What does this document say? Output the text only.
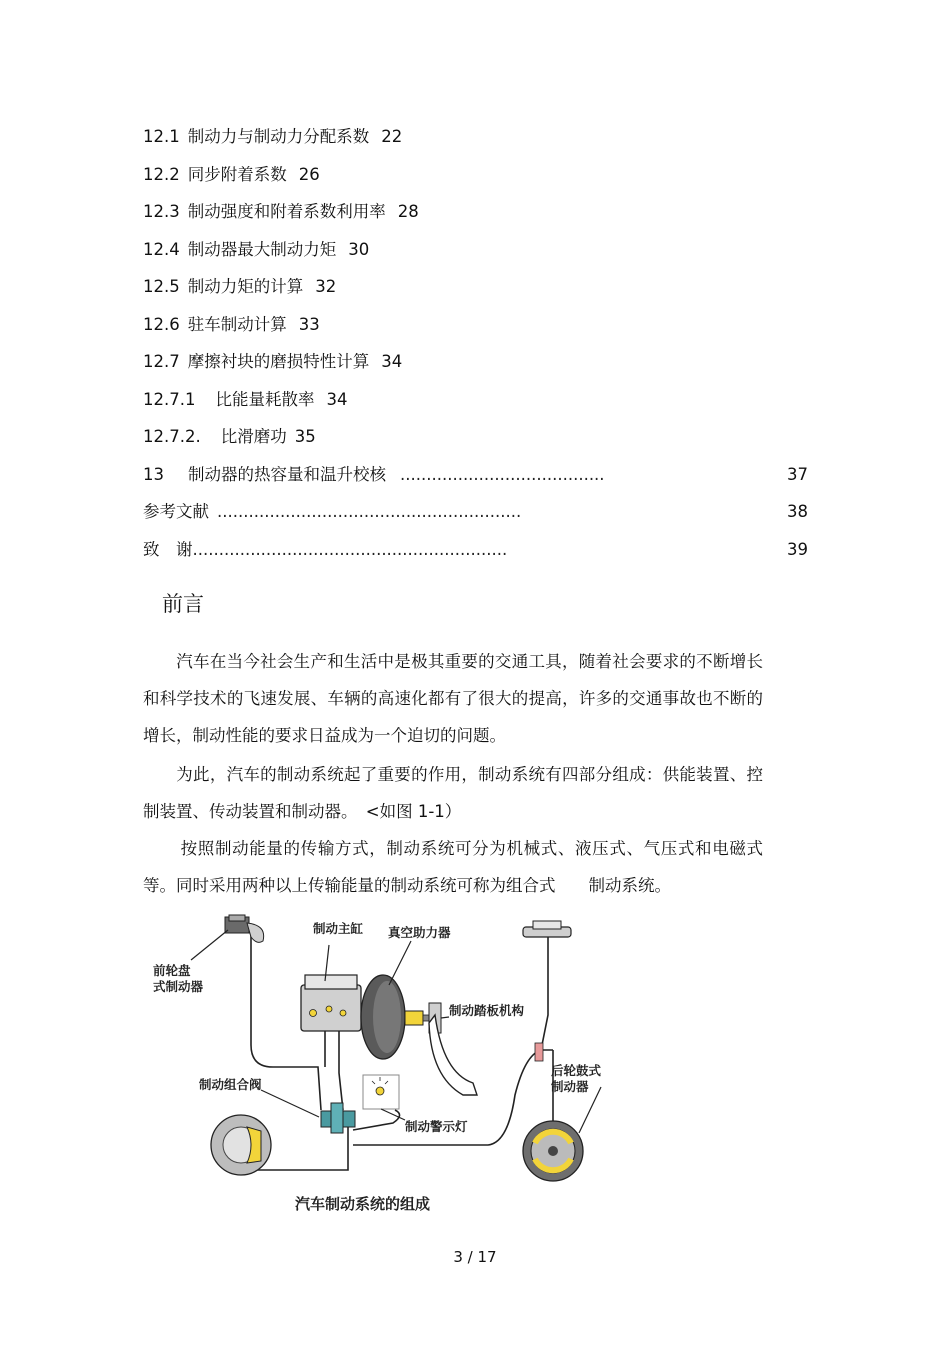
12.1 制动力与制动力分配系数 22
12.2 同步附着系数 26
12.3 制动强度和附着系数利用率 28
12.4 制动器最大制动力矩 30
12.5 制动力矩的计算 32
12.6 驻车制动计算 33
12.7 摩擦衬块的磨损特性计算 34
12.7.1 比能量耗散率 34
12.7.2. 比滑磨功 35
13 制动器的热容量和温升校核 .......................................	37
参考文献 ..........................................................	38
致　谢............................................................	39
前言
汽车在当今社会生产和生活中是极其重要的交通工具，随着社会要求的不断增长和科学技术的飞速发展、车辆的高速化都有了很大的提高，许多的交通事故也不断的增长，制动性能的要求日益成为一个迫切的问题。
为此，汽车的制动系统起了重要的作用，制动系统有四部分组成：供能装置、控制装置、传动装置和制动器。　<如图 1-1）
按照制动能量的传输方式，制动系统可分为机械式、液压式、气压式和电磁式等。同时采用两种以上传输能量的制动系统可称为组合式　　制动系统。
制动主缸 真空助力器
前轮盘
式制动器
制动踏板机构
制动组合阀
后轮鼓式
制动器
制动警示灯
汽车制动系统的组成
3 / 17
